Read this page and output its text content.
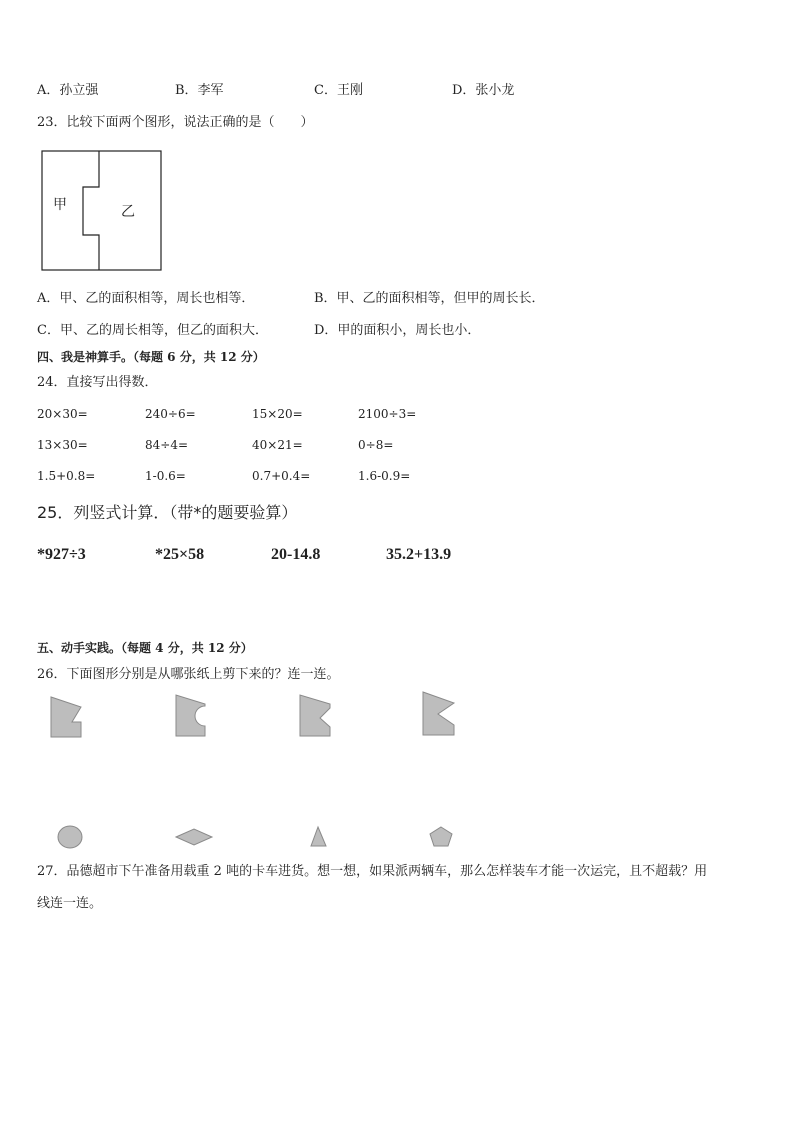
A．孙立强	B．李军	C．王刚	D．张小龙
23．比较下面两个图形，说法正确的是（　　）
甲	乙
A．甲、乙的面积相等，周长也相等．	B．甲、乙的面积相等，但甲的周长长．
C．甲、乙的周长相等，但乙的面积大．	D．甲的面积小，周长也小．
四、我是神算手。（每题 6 分，共 12 分）
24．直接写出得数．
20×30=	240÷6=	15×20=	2100÷3=
13×30=	84÷4=	40×21=	0÷8=
1.5+0.8=	1-0.6=	0.7+0.4=	1.6-0.9=
25．列竖式计算．（带*的题要验算）
*927÷3	*25×58	20-14.8	35.2+13.9
五、动手实践。（每题 4 分，共 12 分）
26．下面图形分别是从哪张纸上剪下来的？连一连。
27．品德超市下午准备用载重 2 吨的卡车进货。想一想，如果派两辆车，那么怎样装车才能一次运完，且不超载？用
线连一连。
